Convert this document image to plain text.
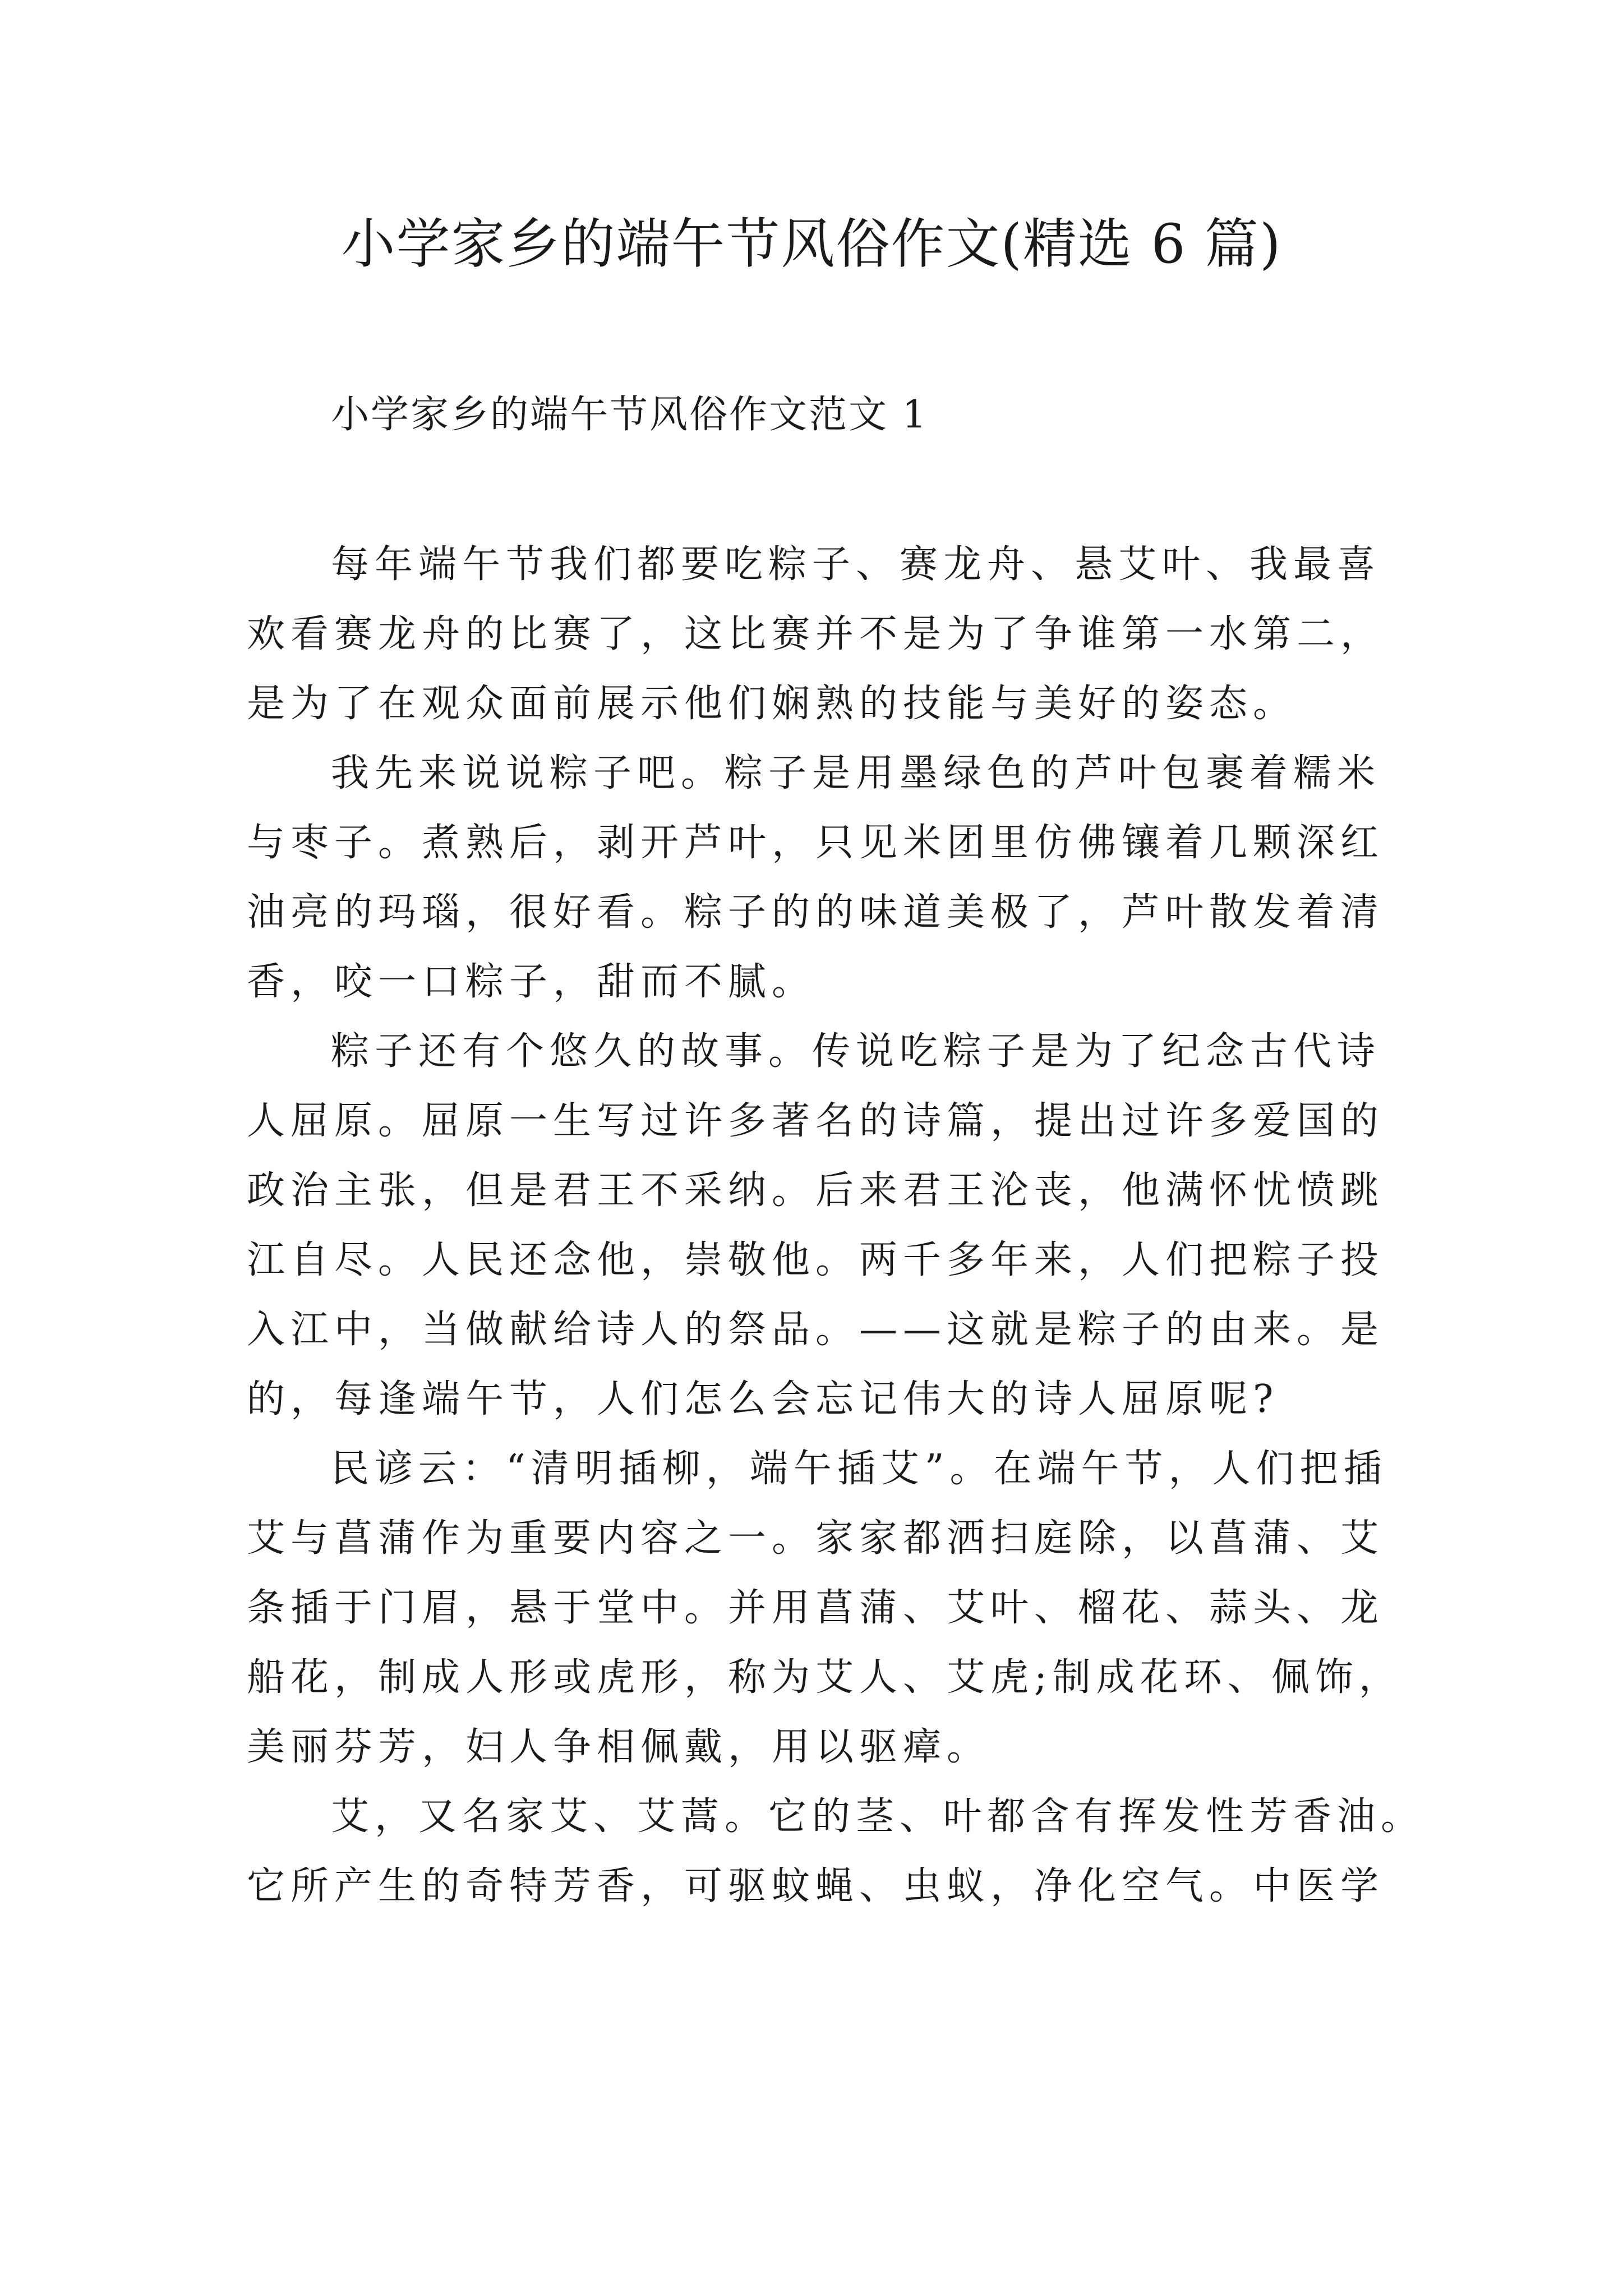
小学家乡的端午节风俗作文(精选 6 篇)
小学家乡的端午节风俗作文范文 1

每年端午节我们都要吃粽子、赛龙舟、悬艾叶、我最喜
欢看赛龙舟的比赛了，这比赛并不是为了争谁第一水第二，
是为了在观众面前展示他们娴熟的技能与美好的姿态。

我先来说说粽子吧。粽子是用墨绿色的芦叶包裹着糯米
与枣子。煮熟后，剥开芦叶，只见米团里仿佛镶着几颗深红
油亮的玛瑙，很好看。粽子的的味道美极了，芦叶散发着清
香，咬一口粽子，甜而不腻。

粽子还有个悠久的故事。传说吃粽子是为了纪念古代诗
人屈原。屈原一生写过许多著名的诗篇，提出过许多爱国的
政治主张，但是君王不采纳。后来君王沦丧，他满怀忧愤跳
江自尽。人民还念他，崇敬他。两千多年来，人们把粽子投
入江中，当做献给诗人的祭品。——这就是粽子的由来。是
的，每逢端午节，人们怎么会忘记伟大的诗人屈原呢?

民谚云：“清明插柳，端午插艾”。在端午节，人们把插
艾与菖蒲作为重要内容之一。家家都洒扫庭除，以菖蒲、艾
条插于门眉，悬于堂中。并用菖蒲、艾叶、榴花、蒜头、龙
船花，制成人形或虎形，称为艾人、艾虎;制成花环、佩饰，
美丽芬芳，妇人争相佩戴，用以驱瘴。

艾，又名家艾、艾蒿。它的茎、叶都含有挥发性芳香油。
它所产生的奇特芳香，可驱蚊蝇、虫蚁，净化空气。中医学
